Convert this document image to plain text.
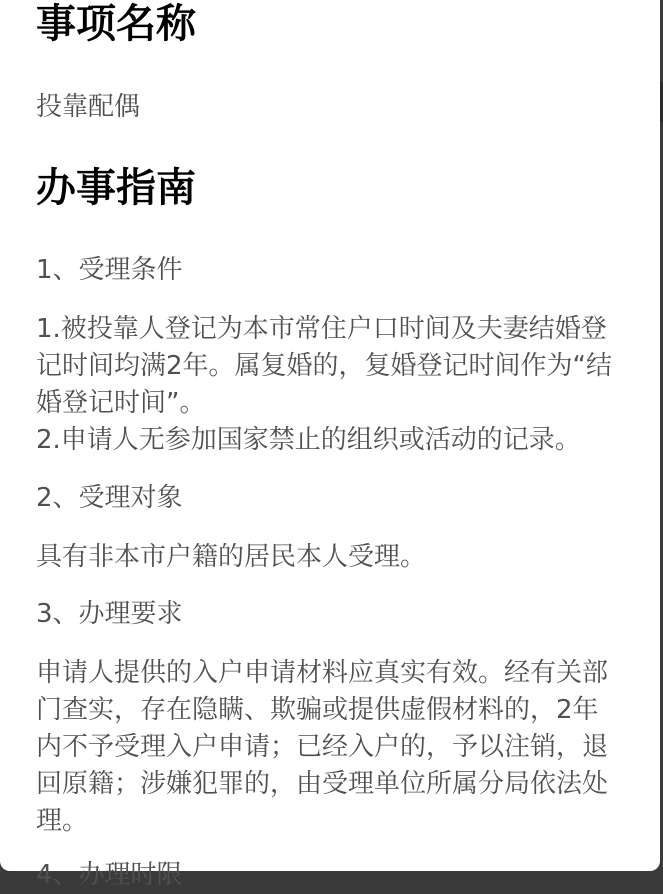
事项名称

投靠配偶

办事指南

1、受理条件

1.被投靠人登记为本市常住户口时间及夫妻结婚登
记时间均满2年。属复婚的，复婚登记时间作为“结
婚登记时间”。
2.申请人无参加国家禁止的组织或活动的记录。

2、受理对象

具有非本市户籍的居民本人受理。

3、办理要求

申请人提供的入户申请材料应真实有效。经有关部
门查实，存在隐瞒、欺骗或提供虚假材料的，2年
内不予受理入户申请；已经入户的，予以注销，退
回原籍；涉嫌犯罪的，由受理单位所属分局依法处
理。

4、办理时限
